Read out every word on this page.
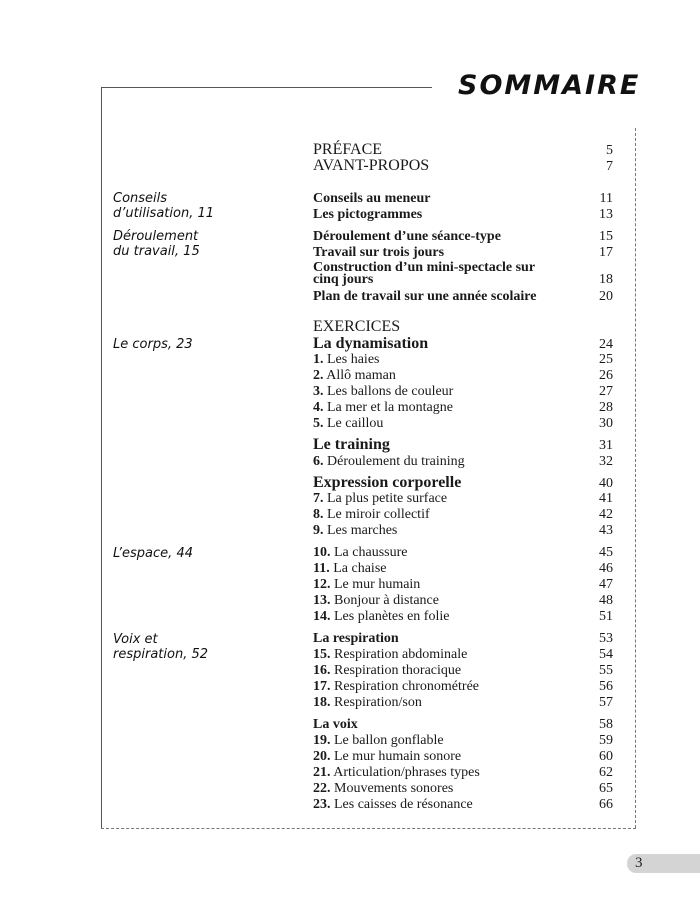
SOMMAIRE
Conseils
d’utilisation, 11
Déroulement
du travail, 15
Le corps, 23
L’espace, 44
Voix et
respiration, 52
PRÉFACE	5
AVANT-PROPOS	7
Conseils au meneur	11
Les pictogrammes	13
Déroulement d’une séance-type	15
Travail sur trois jours	17
Construction d’un mini-spectacle sur cinq jours	18
Plan de travail sur une année scolaire	20
EXERCICES
La dynamisation	24
1. Les haies	25
2. Allô maman	26
3. Les ballons de couleur	27
4. La mer et la montagne	28
5. Le caillou	30
Le training	31
6. Déroulement du training	32
Expression corporelle	40
7. La plus petite surface	41
8. Le miroir collectif	42
9. Les marches	43
10. La chaussure	45
11. La chaise	46
12. Le mur humain	47
13. Bonjour à distance	48
14. Les planètes en folie	51
La respiration	53
15. Respiration abdominale	54
16. Respiration thoracique	55
17. Respiration chronométrée	56
18. Respiration/son	57
La voix	58
19. Le ballon gonflable	59
20. Le mur humain sonore	60
21. Articulation/phrases types	62
22. Mouvements sonores	65
23. Les caisses de résonance	66
3
